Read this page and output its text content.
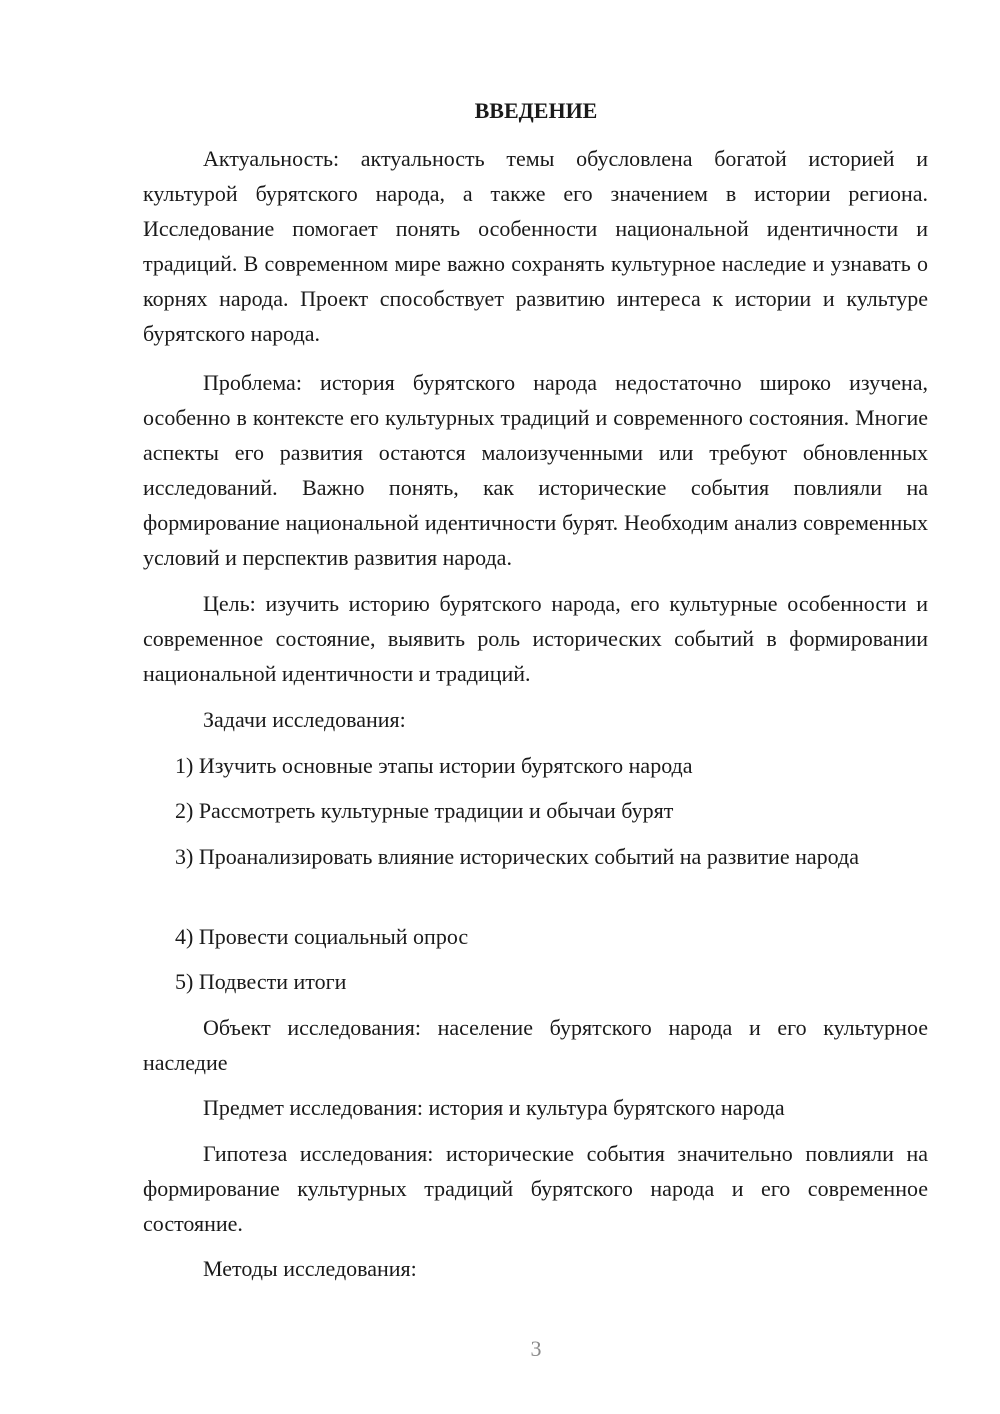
ВВЕДЕНИЕ

Актуальность: актуальность темы обусловлена богатой историей и культурой бурятского народа, а также его значением в истории региона. Исследование помогает понять особенности национальной идентичности и традиций. В современном мире важно сохранять культурное наследие и узнавать о корнях народа. Проект способствует развитию интереса к истории и культуре бурятского народа.

Проблема: история бурятского народа недостаточно широко изучена, особенно в контексте его культурных традиций и современного состояния. Многие аспекты его развития остаются малоизученными или требуют обновленных исследований. Важно понять, как исторические события повлияли на формирование национальной идентичности бурят. Необходим анализ современных условий и перспектив развития народа.

Цель: изучить историю бурятского народа, его культурные особенности и современное состояние, выявить роль исторических событий в формировании национальной идентичности и традиций.

Задачи исследования:

1) Изучить основные этапы истории бурятского народа

2) Рассмотреть культурные традиции и обычаи бурят

3) Проанализировать влияние исторических событий на развитие народа

4) Провести социальный опрос

5) Подвести итоги

Объект исследования: население бурятского народа и его культурное наследие

Предмет исследования: история и культура бурятского народа

Гипотеза исследования: исторические события значительно повлияли на формирование культурных традиций бурятского народа и его современное состояние.

Методы исследования:

3
